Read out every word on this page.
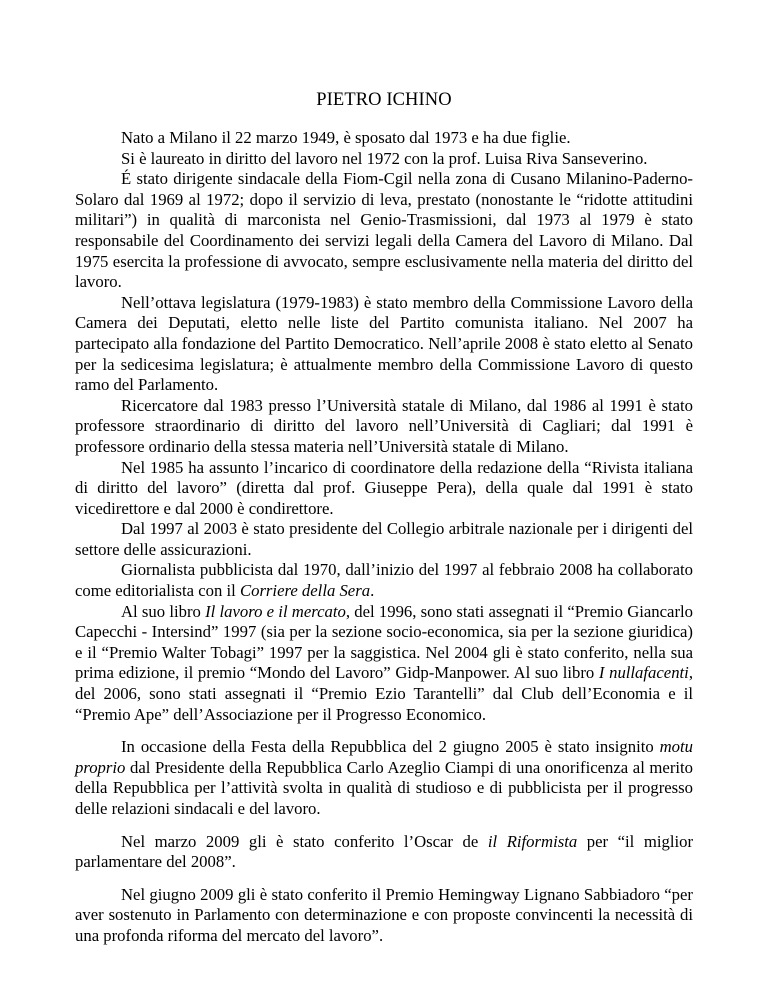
PIETRO ICHINO

Nato a Milano il 22 marzo 1949, è sposato dal 1973 e ha due figlie.

Si è laureato in diritto del lavoro nel 1972 con la prof. Luisa Riva Sanseverino.

É stato dirigente sindacale della Fiom-Cgil nella zona di Cusano Milanino-Paderno-Solaro dal 1969 al 1972; dopo il servizio di leva, prestato (nonostante le “ridotte attitudini militari”) in qualità di marconista nel Genio-Trasmissioni, dal 1973 al 1979 è stato responsabile del Coordinamento dei servizi legali della Camera del Lavoro di Milano. Dal 1975 esercita la professione di avvocato, sempre esclusivamente nella materia del diritto del lavoro.

Nell’ottava legislatura (1979-1983) è stato membro della Commissione Lavoro della Camera dei Deputati, eletto nelle liste del Partito comunista italiano. Nel 2007 ha partecipato alla fondazione del Partito Democratico. Nell’aprile 2008 è stato eletto al Senato per la sedicesima legislatura; è attualmente membro della Commissione Lavoro di questo ramo del Parlamento.

Ricercatore dal 1983 presso l’Università statale di Milano, dal 1986 al 1991 è stato professore straordinario di diritto del lavoro nell’Università di Cagliari; dal 1991 è professore ordinario della stessa materia nell’Università statale di Milano.

Nel 1985 ha assunto l’incarico di coordinatore della redazione della “Rivista italiana di diritto del lavoro” (diretta dal prof. Giuseppe Pera), della quale dal 1991 è stato vicedirettore e dal 2000 è condirettore.

Dal 1997 al 2003 è stato presidente del Collegio arbitrale nazionale per i dirigenti del settore delle assicurazioni.

Giornalista pubblicista dal 1970, dall’inizio del 1997 al febbraio 2008 ha collaborato come editorialista con il Corriere della Sera.

Al suo libro Il lavoro e il mercato, del 1996, sono stati assegnati il “Premio Giancarlo Capecchi - Intersind” 1997 (sia per la sezione socio-economica, sia per la sezione giuridica) e il “Premio Walter Tobagi” 1997 per la saggistica. Nel 2004 gli è stato conferito, nella sua prima edizione, il premio “Mondo del Lavoro” Gidp-Manpower. Al suo libro I nullafacenti, del 2006, sono stati assegnati il “Premio Ezio Tarantelli” dal Club dell’Economia e il “Premio Ape” dell’Associazione per il Progresso Economico.

In occasione della Festa della Repubblica del 2 giugno 2005 è stato insignito motu proprio dal Presidente della Repubblica Carlo Azeglio Ciampi di una onorificenza al merito della Repubblica per l’attività svolta in qualità di studioso e di pubblicista per il progresso delle relazioni sindacali e del lavoro.

Nel marzo 2009 gli è stato conferito l’Oscar de il Riformista per “il miglior parlamentare del 2008”.

Nel giugno 2009 gli è stato conferito il Premio Hemingway Lignano Sabbiadoro “per aver sostenuto in Parlamento con determinazione e con proposte convincenti la necessità di una profonda riforma del mercato del lavoro”.
